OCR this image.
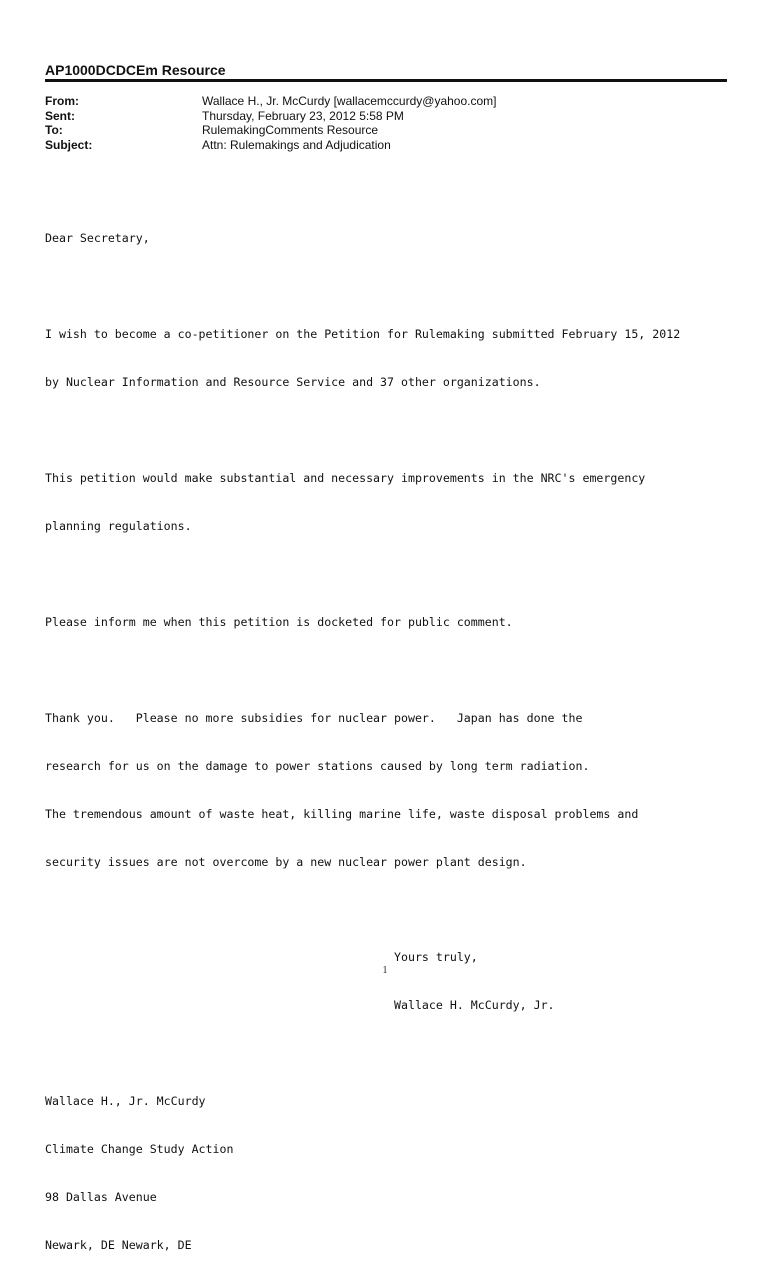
AP1000DCDCEm Resource
From:	Wallace H., Jr. McCurdy [wallacemccurdy@yahoo.com]
Sent:	Thursday, February 23, 2012 5:58 PM
To:	RulemakingComments Resource
Subject:	Attn: Rulemakings and Adjudication

Dear Secretary,

I wish to become a co-petitioner on the Petition for Rulemaking submitted February 15, 2012

by Nuclear Information and Resource Service and 37 other organizations.

This petition would make substantial and necessary improvements in the NRC's emergency

planning regulations.

Please inform me when this petition is docketed for public comment.

Thank you.   Please no more subsidies for nuclear power.   Japan has done the

research for us on the damage to power stations caused by long term radiation.

The tremendous amount of waste heat, killing marine life, waste disposal problems and

security issues are not overcome by a new nuclear power plant design.

Yours truly,

Wallace H. McCurdy, Jr.

Wallace H., Jr. McCurdy

Climate Change Study Action

98 Dallas Avenue

Newark, DE Newark, DE

1
